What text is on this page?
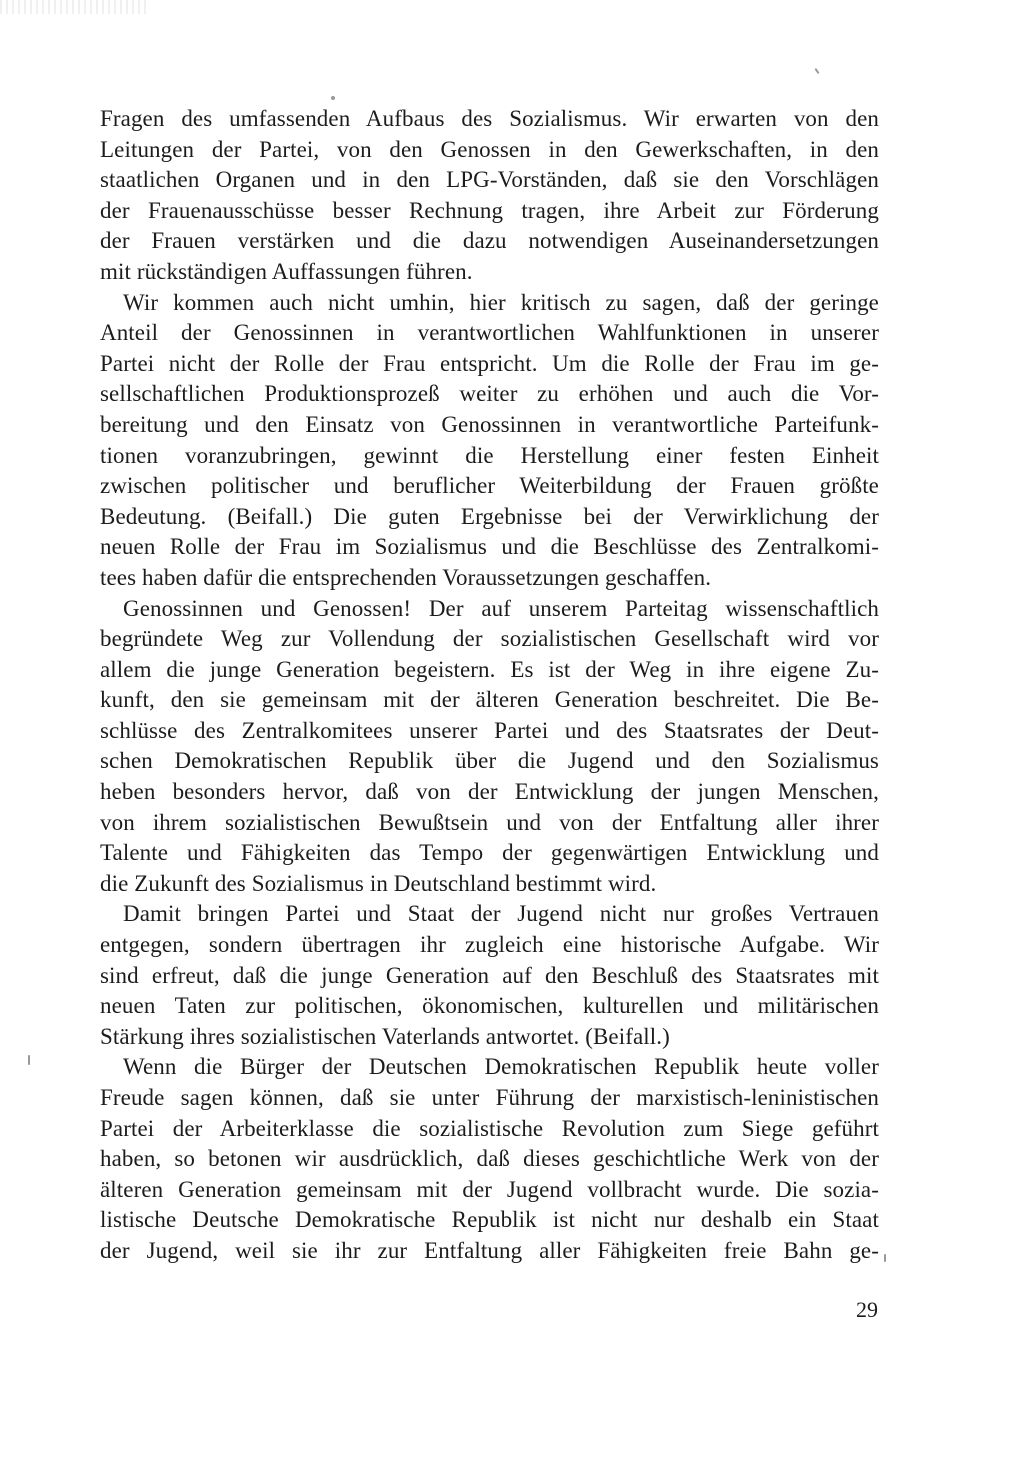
Fragen des umfassenden Aufbaus des Sozialismus. Wir erwarten von den
Leitungen der Partei, von den Genossen in den Gewerkschaften, in den
staatlichen Organen und in den LPG-Vorständen, daß sie den Vorschlägen
der Frauenausschüsse besser Rechnung tragen, ihre Arbeit zur Förderung
der Frauen verstärken und die dazu notwendigen Auseinandersetzungen
mit rückständigen Auffassungen führen.
Wir kommen auch nicht umhin, hier kritisch zu sagen, daß der geringe
Anteil der Genossinnen in verantwortlichen Wahlfunktionen in unserer
Partei nicht der Rolle der Frau entspricht. Um die Rolle der Frau im ge-
sellschaftlichen Produktionsprozeß weiter zu erhöhen und auch die Vor-
bereitung und den Einsatz von Genossinnen in verantwortliche Parteifunk-
tionen voranzubringen, gewinnt die Herstellung einer festen Einheit
zwischen politischer und beruflicher Weiterbildung der Frauen größte
Bedeutung. (Beifall.) Die guten Ergebnisse bei der Verwirklichung der
neuen Rolle der Frau im Sozialismus und die Beschlüsse des Zentralkomi-
tees haben dafür die entsprechenden Voraussetzungen geschaffen.
Genossinnen und Genossen! Der auf unserem Parteitag wissenschaftlich
begründete Weg zur Vollendung der sozialistischen Gesellschaft wird vor
allem die junge Generation begeistern. Es ist der Weg in ihre eigene Zu-
kunft, den sie gemeinsam mit der älteren Generation beschreitet. Die Be-
schlüsse des Zentralkomitees unserer Partei und des Staatsrates der Deut-
schen Demokratischen Republik über die Jugend und den Sozialismus
heben besonders hervor, daß von der Entwicklung der jungen Menschen,
von ihrem sozialistischen Bewußtsein und von der Entfaltung aller ihrer
Talente und Fähigkeiten das Tempo der gegenwärtigen Entwicklung und
die Zukunft des Sozialismus in Deutschland bestimmt wird.
Damit bringen Partei und Staat der Jugend nicht nur großes Vertrauen
entgegen, sondern übertragen ihr zugleich eine historische Aufgabe. Wir
sind erfreut, daß die junge Generation auf den Beschluß des Staatsrates mit
neuen Taten zur politischen, ökonomischen, kulturellen und militärischen
Stärkung ihres sozialistischen Vaterlands antwortet. (Beifall.)
Wenn die Bürger der Deutschen Demokratischen Republik heute voller
Freude sagen können, daß sie unter Führung der marxistisch-leninistischen
Partei der Arbeiterklasse die sozialistische Revolution zum Siege geführt
haben, so betonen wir ausdrücklich, daß dieses geschichtliche Werk von der
älteren Generation gemeinsam mit der Jugend vollbracht wurde. Die sozia-
listische Deutsche Demokratische Republik ist nicht nur deshalb ein Staat
der Jugend, weil sie ihr zur Entfaltung aller Fähigkeiten freie Bahn ge-
29
